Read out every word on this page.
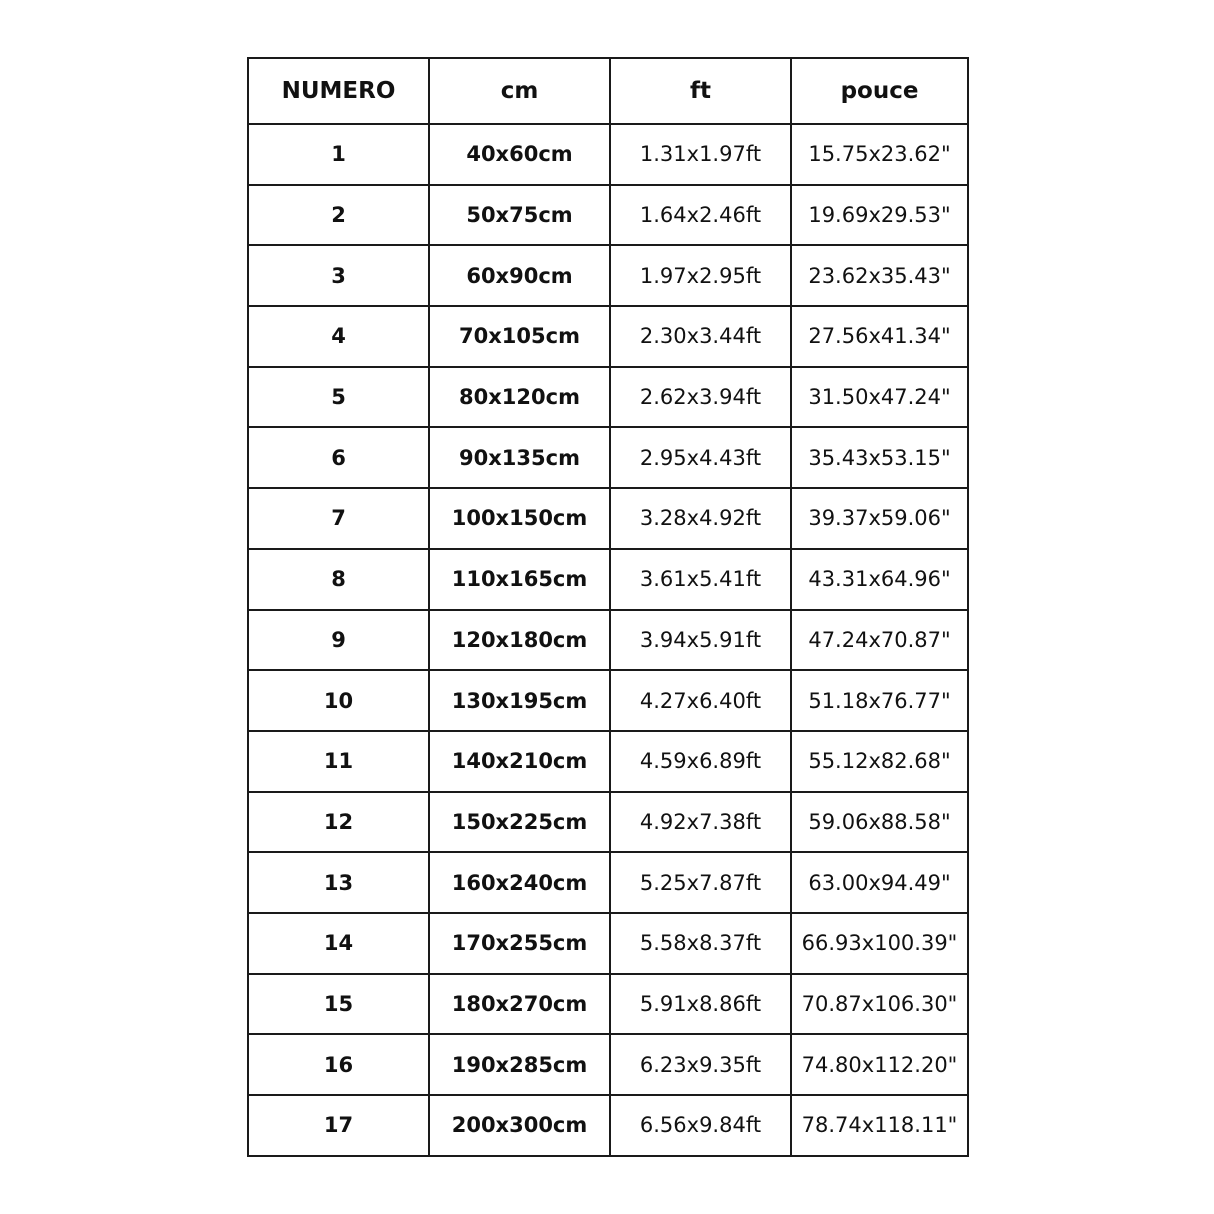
NUMERO	cm	ft	pouce
1	40x60cm	1.31x1.97ft	15.75x23.62"
2	50x75cm	1.64x2.46ft	19.69x29.53"
3	60x90cm	1.97x2.95ft	23.62x35.43"
4	70x105cm	2.30x3.44ft	27.56x41.34"
5	80x120cm	2.62x3.94ft	31.50x47.24"
6	90x135cm	2.95x4.43ft	35.43x53.15"
7	100x150cm	3.28x4.92ft	39.37x59.06"
8	110x165cm	3.61x5.41ft	43.31x64.96"
9	120x180cm	3.94x5.91ft	47.24x70.87"
10	130x195cm	4.27x6.40ft	51.18x76.77"
11	140x210cm	4.59x6.89ft	55.12x82.68"
12	150x225cm	4.92x7.38ft	59.06x88.58"
13	160x240cm	5.25x7.87ft	63.00x94.49"
14	170x255cm	5.58x8.37ft	66.93x100.39"
15	180x270cm	5.91x8.86ft	70.87x106.30"
16	190x285cm	6.23x9.35ft	74.80x112.20"
17	200x300cm	6.56x9.84ft	78.74x118.11"
